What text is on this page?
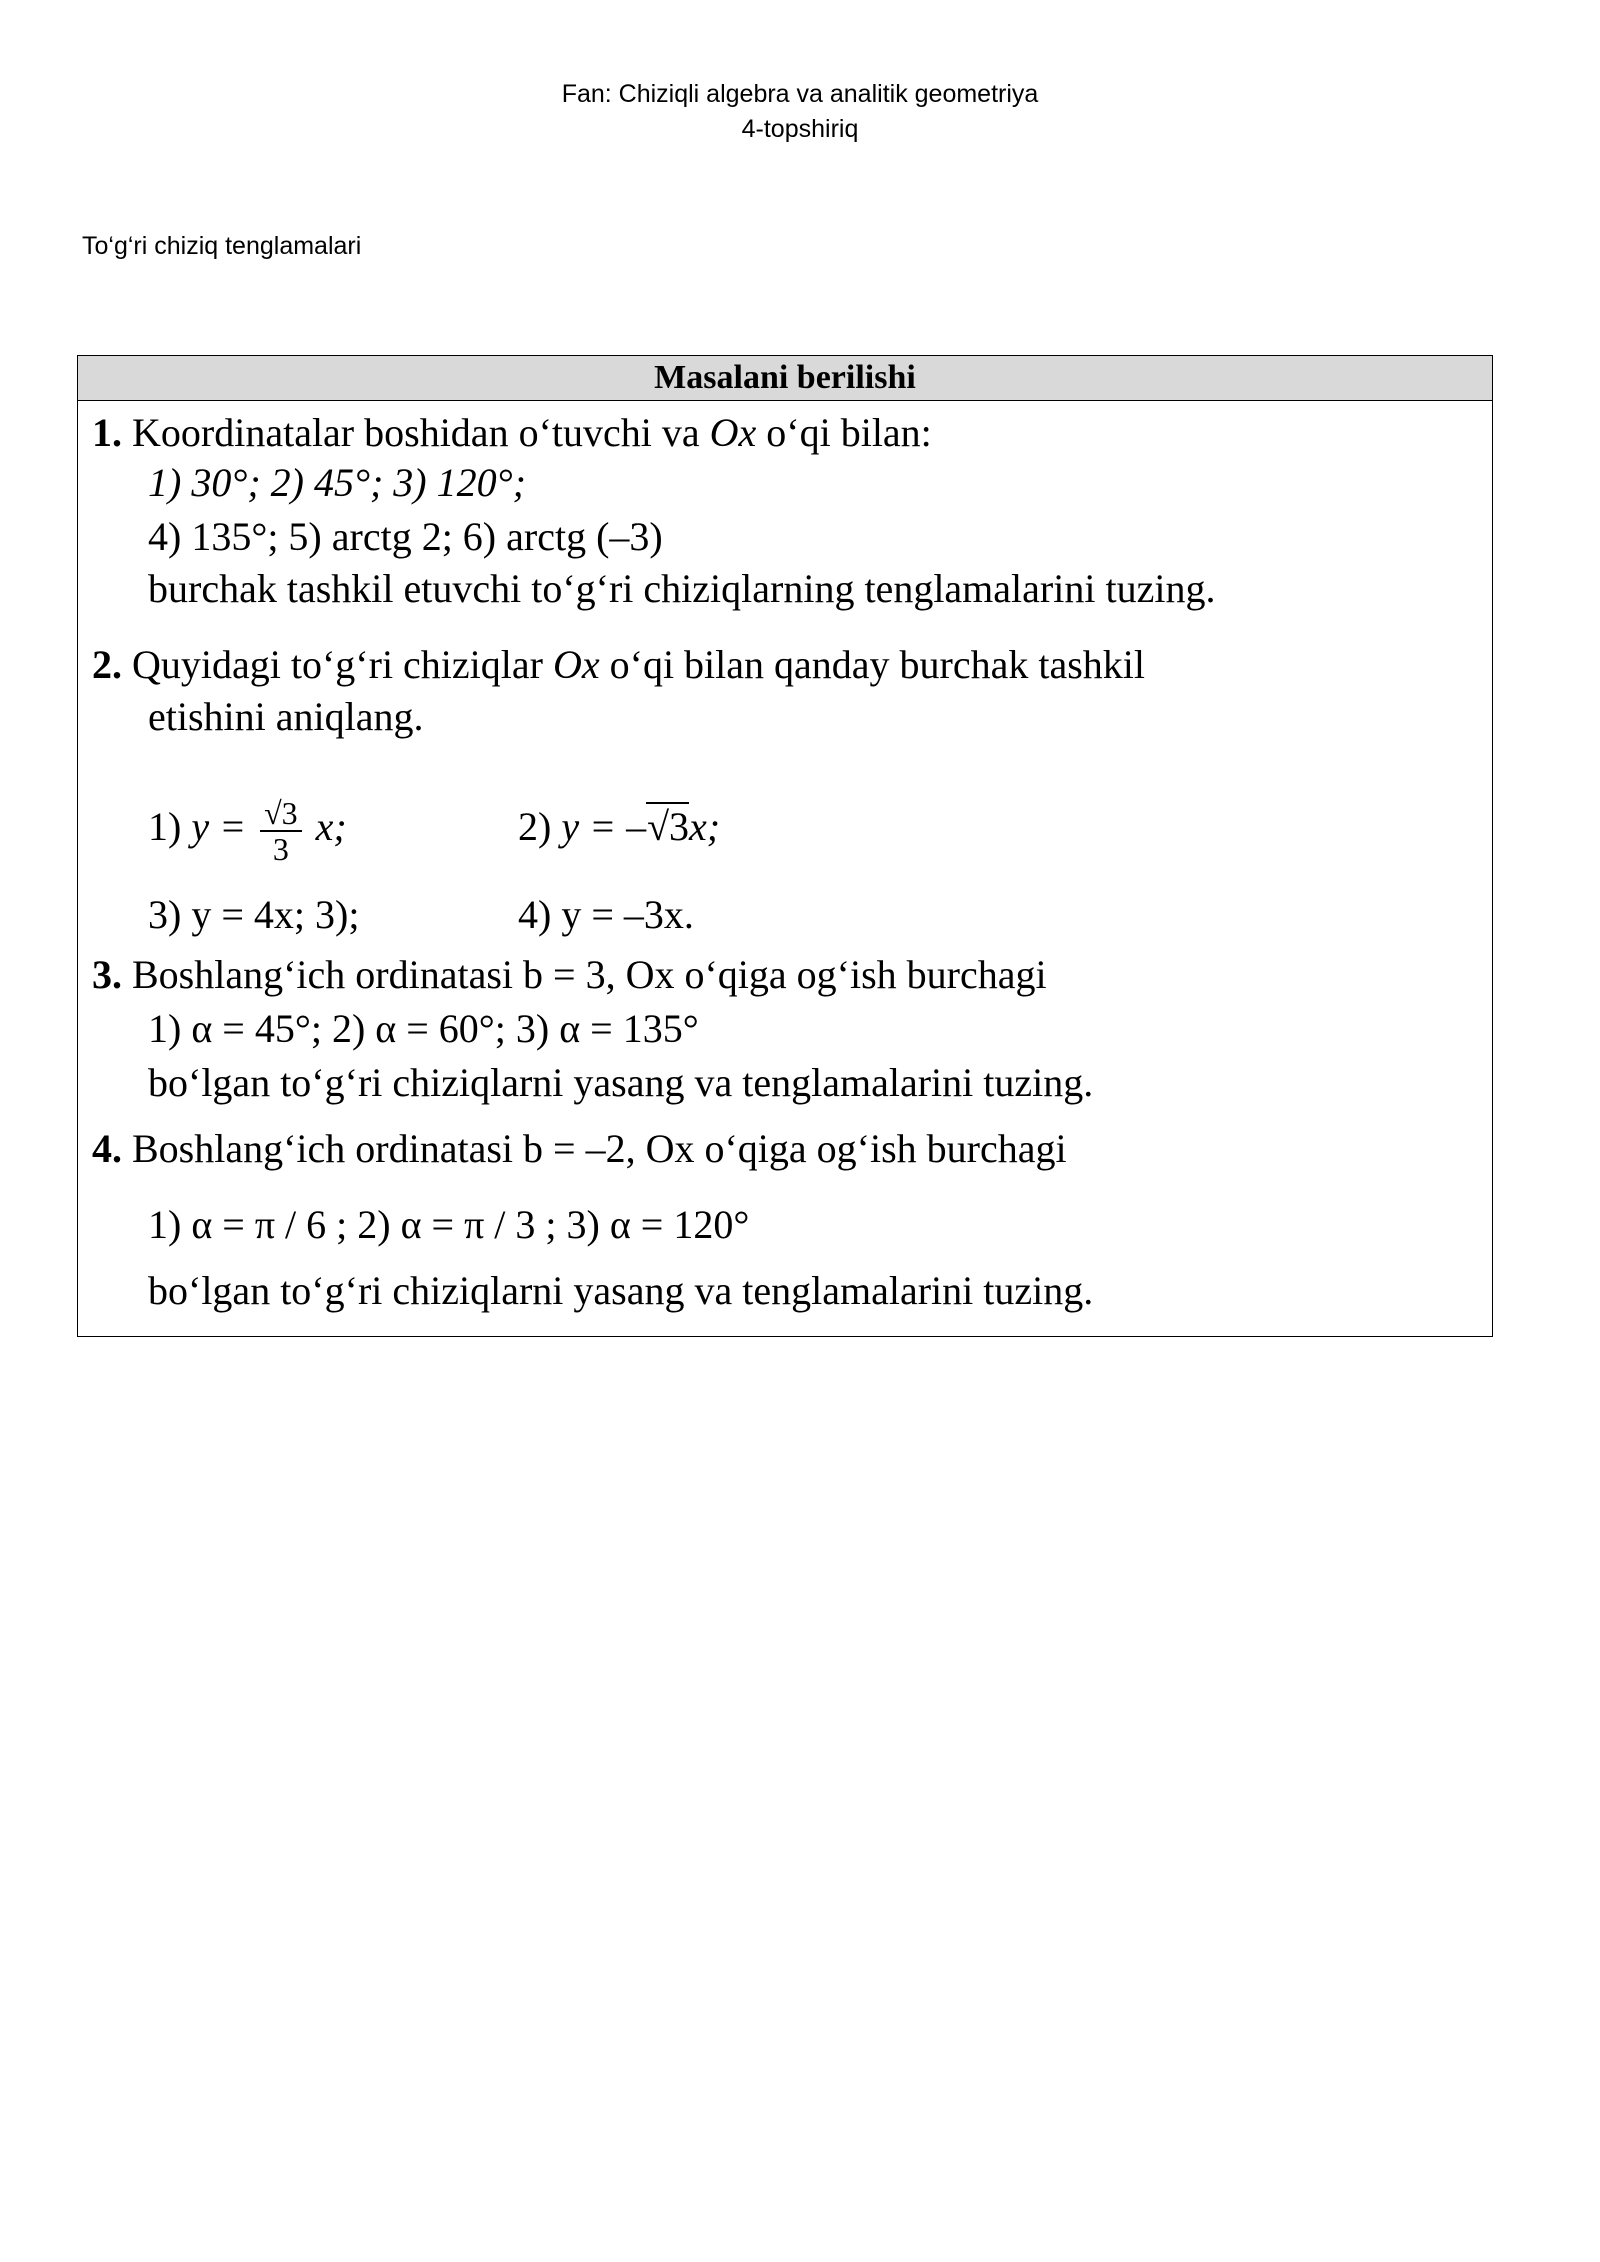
Fan: Chiziqli algebra va analitik geometriya
4-topshiriq
To‘g‘ri chiziq tenglamalari
Masalani berilishi
1. Koordinatalar boshidan o‘tuvchi va Ox o‘qi bilan:
1) 30°; 2) 45°; 3) 120°;
4) 135°; 5) arctg 2; 6) arctg (–3)
burchak tashkil etuvchi to‘g‘ri chiziqlarning tenglamalarini tuzing.
2. Quyidagi to‘g‘ri chiziqlar Ox o‘qi bilan qanday burchak tashkil
etishini aniqlang.
1) $y = \frac{√3}{3} x$;	2) y = –√3x;
3) y = 4x; 3);	4) y = –3x.
3. Boshlang‘ich ordinatasi b = 3, Ox o‘qiga og‘ish burchagi
1) α = 45°; 2) α = 60°; 3) α = 135°
bo‘lgan to‘g‘ri chiziqlarni yasang va tenglamalarini tuzing.
4. Boshlang‘ich ordinatasi b = –2, Ox o‘qiga og‘ish burchagi
1) α = π / 6 ; 2) α = π / 3 ; 3) α = 120°
bo‘lgan to‘g‘ri chiziqlarni yasang va tenglamalarini tuzing.
